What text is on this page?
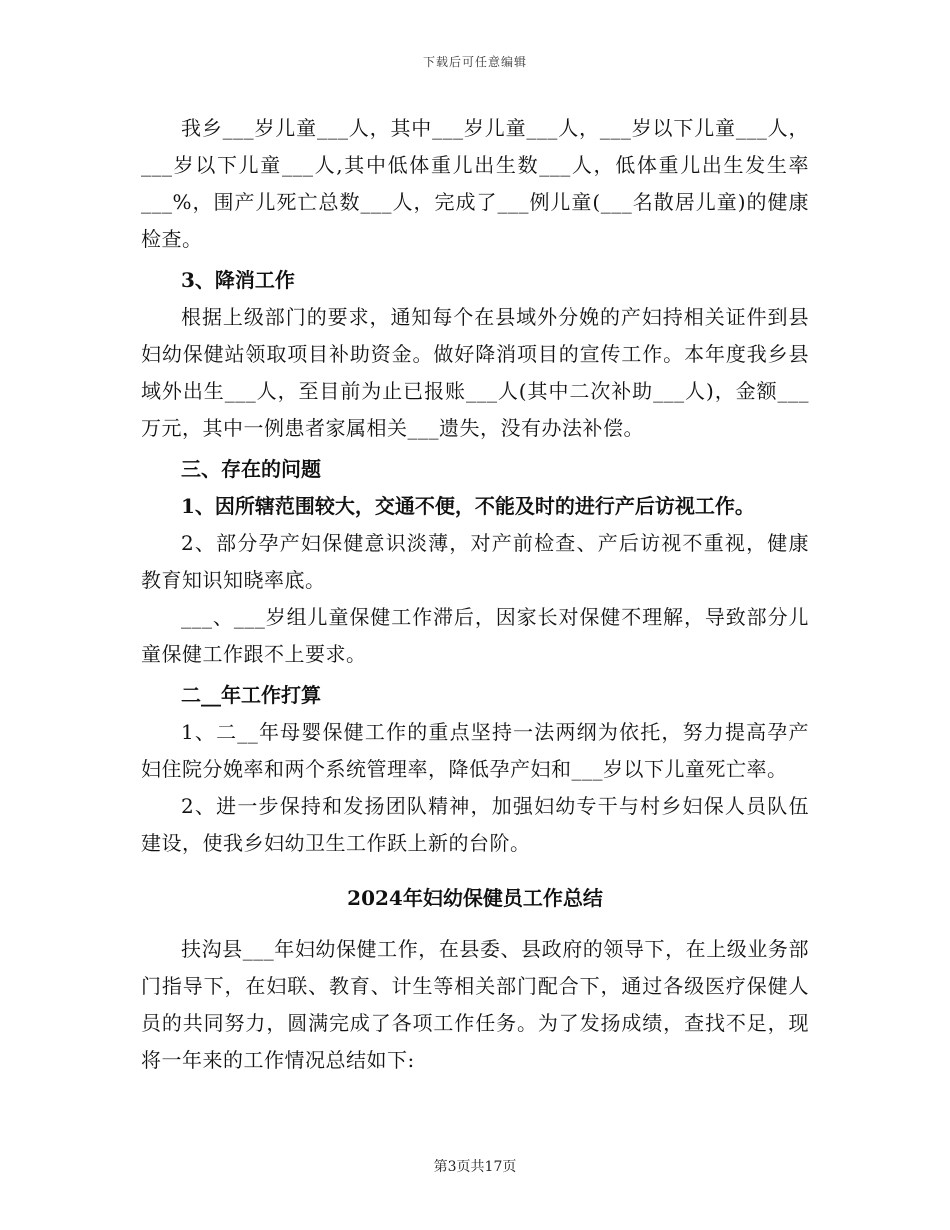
下载后可任意编辑

我乡___岁儿童___人，其中___岁儿童___人，___岁以下儿童___人，___岁以下儿童___人,其中低体重儿出生数___人，低体重儿出生发生率___%，围产儿死亡总数___人，完成了___例儿童(___名散居儿童)的健康检查。

3、降消工作

根据上级部门的要求，通知每个在县域外分娩的产妇持相关证件到县妇幼保健站领取项目补助资金。做好降消项目的宣传工作。本年度我乡县域外出生___人，至目前为止已报账___人(其中二次补助___人)，金额___万元，其中一例患者家属相关___遗失，没有办法补偿。

三、存在的问题

1、因所辖范围较大，交通不便，不能及时的进行产后访视工作。

2、部分孕产妇保健意识淡薄，对产前检查、产后访视不重视，健康教育知识知晓率底。

___、___岁组儿童保健工作滞后，因家长对保健不理解，导致部分儿童保健工作跟不上要求。

二__年工作打算

1、二__年母婴保健工作的重点坚持一法两纲为依托，努力提高孕产妇住院分娩率和两个系统管理率，降低孕产妇和___岁以下儿童死亡率。

2、进一步保持和发扬团队精神，加强妇幼专干与村乡妇保人员队伍建设，使我乡妇幼卫生工作跃上新的台阶。

2024年妇幼保健员工作总结

扶沟县___年妇幼保健工作，在县委、县政府的领导下，在上级业务部门指导下，在妇联、教育、计生等相关部门配合下，通过各级医疗保健人员的共同努力，圆满完成了各项工作任务。为了发扬成绩，查找不足，现将一年来的工作情况总结如下:

第3页共17页
